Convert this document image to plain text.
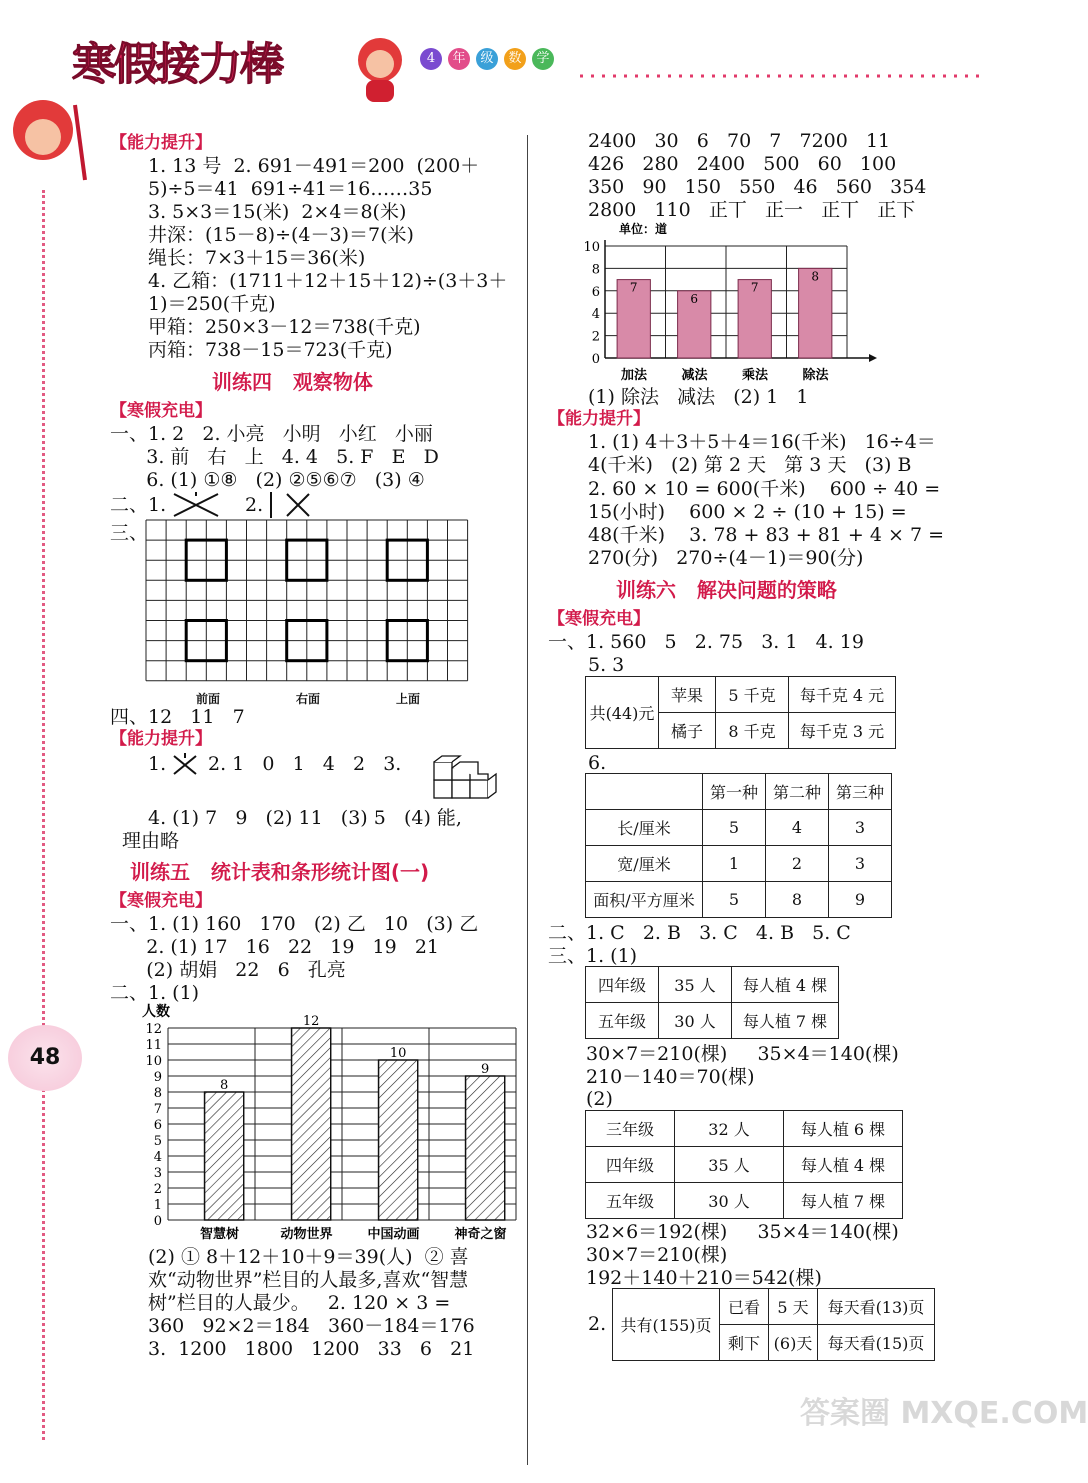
寒假接力棒	4	年	级	数	学
48
【能力提升】
1. 13 号  2. 691－491＝200  (200＋
5)÷5＝41  691÷41＝16……35
3. 5×3＝15(米)  2×4＝8(米)
井深：(15－8)÷(4－3)＝7(米)
绳长：7×3＋15＝36(米)
4. 乙箱：(1711＋12＋15＋12)÷(3＋3＋
1)＝250(千克)
甲箱：250×3－12＝738(千克)
丙箱：738－15＝723(千克)
训练四   观察物体
【寒假充电】
一、1. 2   2. 小亮   小明   小红   小丽
3. 前   右   上   4. 4   5. F   E   D
6. (1) ①⑧   (2) ②⑤⑥⑦   (3) ④
二、1.	2.
三、
前面	右面	上面
四、12   11   7
【能力提升】
1. 2. 1   0   1   4   2   3.
4. (1) 7   9   (2) 11   (3) 5   (4) 能,
理由略
训练五   统计表和条形统计图(一)
【寒假充电】
一、1. (1) 160   170   (2) 乙   10   (3) 乙
2. (1) 17   16   22   19   19   21
(2) 胡娟   22   6   孔亮
二、1. (1)
人数
0
1
2
3
4
5
6
7
8
9
10
11
12
8
智慧树
12
动物世界
10
中国动画
9
神奇之窗
(2) ① 8＋12＋10＋9＝39(人)  ② 喜
欢“动物世界”栏目的人最多,喜欢“智慧
树”栏目的人最少。   2. 120 × 3 =
360   92×2＝184   360－184＝176
3.  1200   1800   1200   33   6   21
2400   30   6   70   7   7200   11
426   280   2400   500   60   100
350   90   150   550   46   560   354
2800   110   正丅   正一   正丅   正下
单位：道
0
2
4
6
8
10
7
加法
6
减法
7
乘法
8
除法
(1) 除法   减法   (2) 1   1
【能力提升】
1. (1) 4＋3＋5＋4＝16(千米)   16÷4＝
4(千米)   (2) 第 2 天   第 3 天   (3) B
2. 60 × 10 = 600(千米)    600 ÷ 40 =
15(小时)    600 × 2 ÷ (10 + 15) =
48(千米)    3. 78 + 83 + 81 + 4 × 7 =
270(分)   270÷(4－1)＝90(分)
训练六   解决问题的策略
【寒假充电】
一、1. 560   5   2. 75   3. 1   4. 19
5. 3
共(44)元	苹果	5 千克	每千克 4 元
	橘子	8 千克	每千克 3 元
6.
	第一种	第二种	第三种
长/厘米	5	4	3
宽/厘米	1	2	3
面积/平方厘米	5	8	9
二、1. C   2. B   3. C   4. B   5. C
三、1. (1)
四年级	35 人	每人植 4 棵
五年级	30 人	每人植 7 棵
30×7＝210(棵)     35×4＝140(棵)
210－140＝70(棵)
(2)
三年级	32 人	每人植 6 棵
四年级	35 人	每人植 4 棵
五年级	30 人	每人植 7 棵
32×6＝192(棵)     35×4＝140(棵)
30×7＝210(棵)
192＋140＋210＝542(棵)
2. 共有(155)页	已看	5 天	每天看(13)页
	剩下	(6)天	每天看(15)页
答案圈 MXQE.COM
